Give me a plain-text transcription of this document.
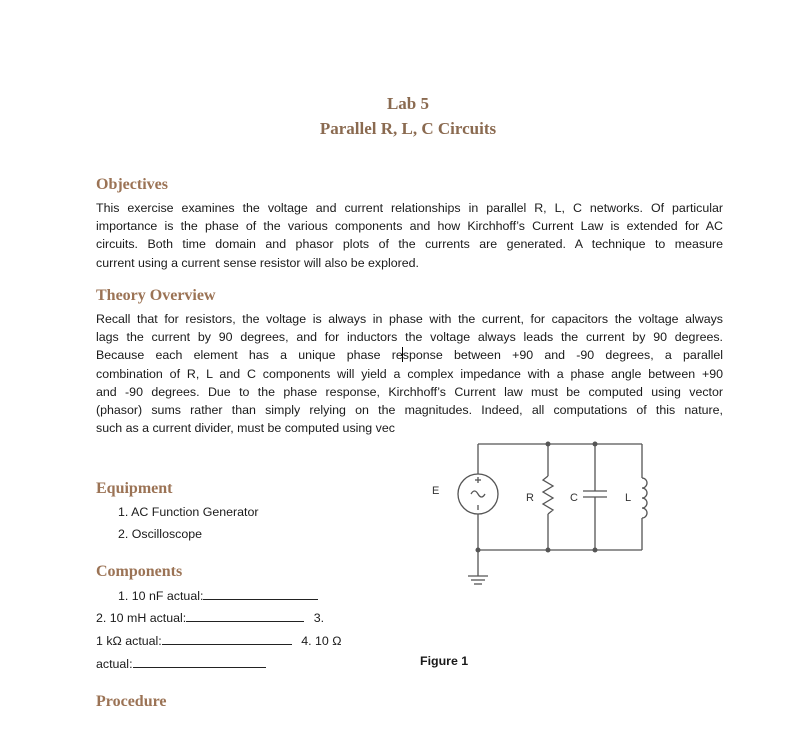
Lab 5
Parallel R, L, C Circuits
Objectives
This exercise examines the voltage and current relationships in parallel R, L, C networks. Of particular
importance is the phase of the various components and how Kirchhoff’s Current Law is extended for AC
circuits. Both time domain and phasor plots of the currents are generated. A technique to measure
current using a current sense resistor will also be explored.
Theory Overview
Recall that for resistors, the voltage is always in phase with the current, for capacitors the voltage always
lags the current by 90 degrees, and for inductors the voltage always leads the current by 90 degrees.
Because each element has a unique phase response between +90 and -90 degrees, a parallel
combination of R, L and C components will yield a complex impedance with a phase angle between +90
and -90 degrees. Due to the phase response, Kirchhoff’s Current law must be computed using vector
(phasor) sums rather than simply relying on the magnitudes. Indeed, all computations of this nature,
such as a current divider, must be computed using vec
E
R	C	L
Equipment
1. AC Function Generator
2. Oscilloscope
Components
1. 10 nF actual:
2. 10 mH actual:	3.
1 kΩ actual:	4. 10 Ω
actual:	Figure 1
Procedure
